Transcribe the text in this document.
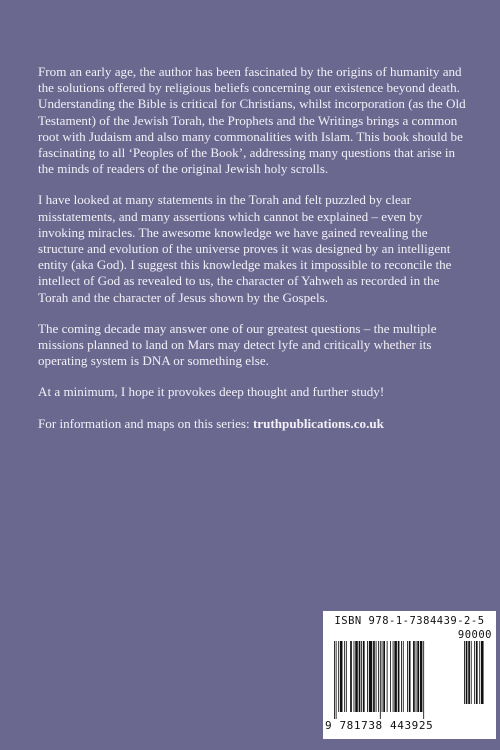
From an early age, the author has been fascinated by the origins of humanity and the solutions offered by religious beliefs concerning our existence beyond death. Understanding the Bible is critical for Christians, whilst incorporation (as the Old Testament) of the Jewish Torah, the Prophets and the Writings brings a common root with Judaism and also many commonalities with Islam. This book should be fascinating to all ‘Peoples of the Book’, addressing many questions that arise in the minds of readers of the original Jewish holy scrolls.

I have looked at many statements in the Torah and felt puzzled by clear misstatements, and many assertions which cannot be explained – even by invoking miracles. The awesome knowledge we have gained revealing the structure and evolution of the universe proves it was designed by an intelligent entity (aka God). I suggest this knowledge makes it impossible to reconcile the intellect of God as revealed to us, the character of Yahweh as recorded in the Torah and the character of Jesus shown by the Gospels.

The coming decade may answer one of our greatest questions – the multiple missions planned to land on Mars may detect lyfe and critically whether its operating system is DNA or something else.

At a minimum, I hope it provokes deep thought and further study!

For information and maps on this series: truthpublications.co.uk

ISBN 978-1-7384439-2-5
90000
9 781738 443925
